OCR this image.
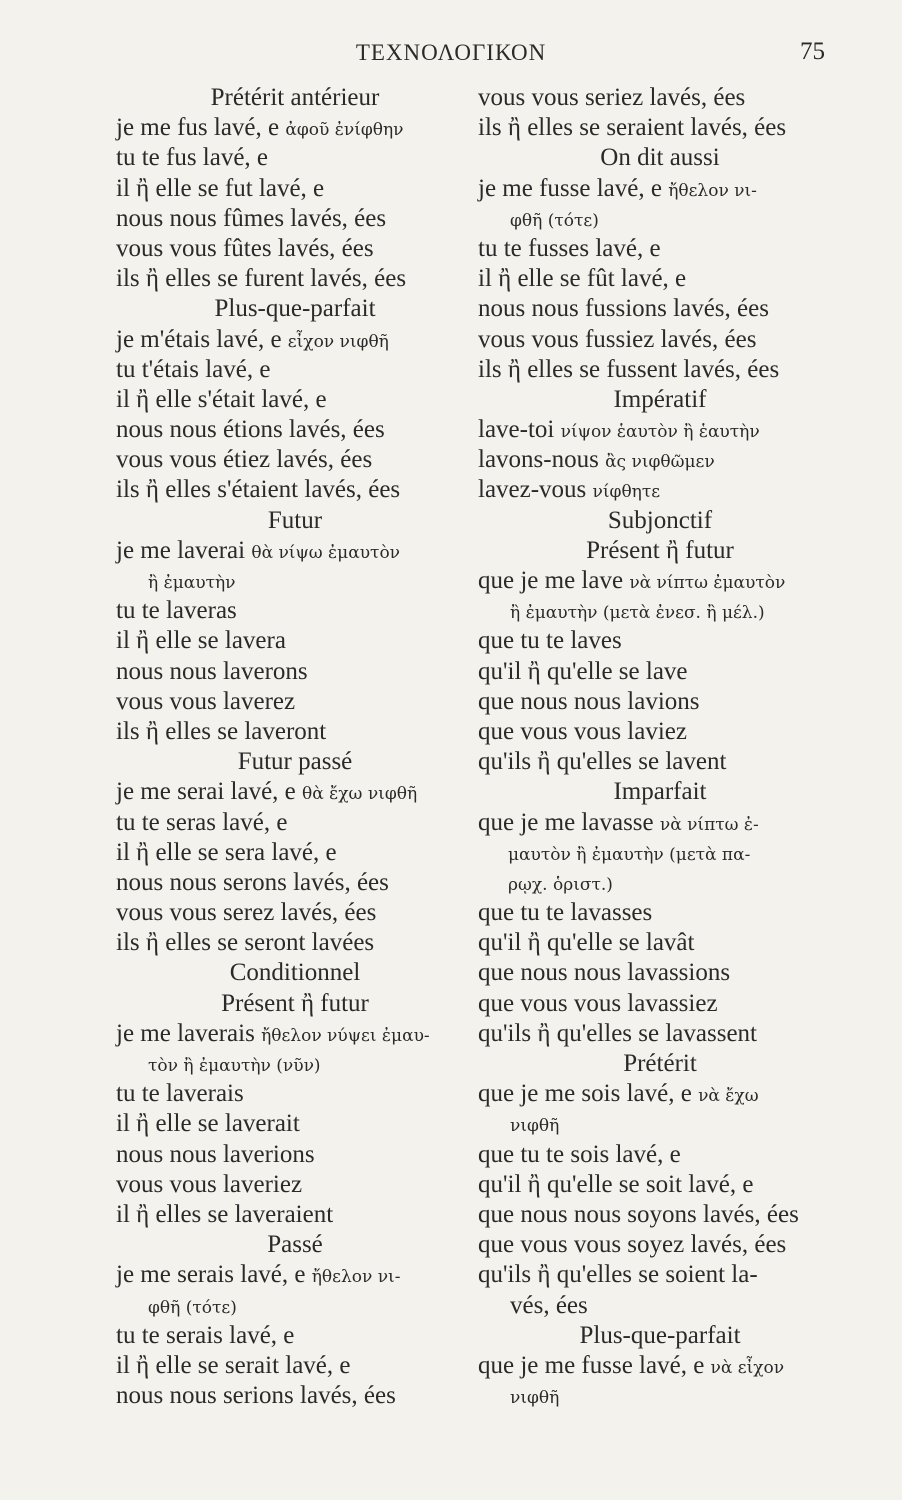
ΤΕΧΝΟΛΟΓΙΚΟΝ	75
Prétérit antérieur
je me fus lavé, e ἀφοῦ ἐνίφθην
tu te fus lavé, e
il ἢ elle se fut lavé, e
nous nous fûmes lavés, ées
vous vous fûtes lavés, ées
ils ἢ elles se furent lavés, ées
Plus-que-parfait
je m'étais lavé, e εἶχον νιφθῆ
tu t'étais lavé, e
il ἢ elle s'était lavé, e
nous nous étions lavés, ées
vous vous étiez lavés, ées
ils ἢ elles s'étaient lavés, ées
Futur
je me laverai θὰ νίψω ἐμαυτὸν
ἢ ἐμαυτὴν
tu te laveras
il ἢ elle se lavera
nous nous laverons
vous vous laverez
ils ἢ elles se laveront
Futur passé
je me serai lavé, e θὰ ἔχω νιφθῆ
tu te seras lavé, e
il ἢ elle se sera lavé, e
nous nous serons lavés, ées
vous vous serez lavés, ées
ils ἢ elles se seront lavées
Conditionnel
Présent ἢ futur
je me laverais ἤθελον νύψει ἐμαυ-
τὸν ἢ ἐμαυτὴν (νῦν)
tu te laverais
il ἢ elle se laverait
nous nous laverions
vous vous laveriez
il ἢ elles se laveraient
Passé
je me serais lavé, e ἤθελον νι-
φθῆ (τότε)
tu te serais lavé, e
il ἢ elle se serait lavé, e
nous nous serions lavés, ées
vous vous seriez lavés, ées
ils ἢ elles se seraient lavés, ées
On dit aussi
je me fusse lavé, e ἤθελον νι-
φθῆ (τότε)
tu te fusses lavé, e
il ἢ elle se fût lavé, e
nous nous fussions lavés, ées
vous vous fussiez lavés, ées
ils ἢ elles se fussent lavés, ées
Impératif
lave-toi νίψον ἑαυτὸν ἢ ἑαυτὴν
lavons-nous ἂς νιφθῶμεν
lavez-vous νίφθητε
Subjonctif
Présent ἢ futur
que je me lave νὰ νίπτω ἐμαυτὸν
ἢ ἐμαυτὴν (μετὰ ἐνεσ. ἢ μέλ.)
que tu te laves
qu'il ἢ qu'elle se lave
que nous nous lavions
que vous vous laviez
qu'ils ἢ qu'elles se lavent
Imparfait
que je me lavasse νὰ νίπτω ἐ-
μαυτὸν ἢ ἐμαυτὴν (μετὰ πα-
ρῳχ. ὁριστ.)
que tu te lavasses
qu'il ἢ qu'elle se lavât
que nous nous lavassions
que vous vous lavassiez
qu'ils ἢ qu'elles se lavassent
Prétérit
que je me sois lavé, e νὰ ἔχω
νιφθῆ
que tu te sois lavé, e
qu'il ἢ qu'elle se soit lavé, e
que nous nous soyons lavés, ées
que vous vous soyez lavés, ées
qu'ils ἢ qu'elles se soient la-
vés, ées
Plus-que-parfait
que je me fusse lavé, e νὰ εἶχον
νιφθῆ
